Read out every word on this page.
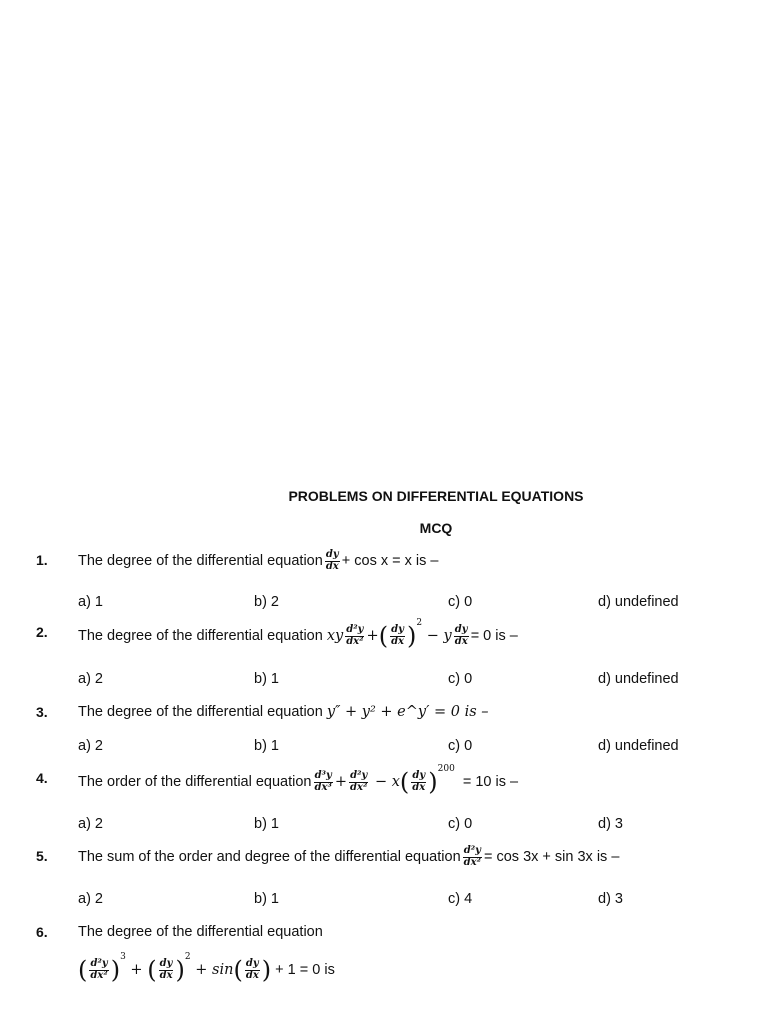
PROBLEMS ON DIFFERENTIAL EQUATIONS
MCQ
1. The degree of the differential equation $\frac{dy}{dx} + \cos x = x$ is –
a) 1	b) 2	c) 0	d) undefined
2. The degree of the differential equation xy $\frac{\text{d²y}}{\text{dx²}}$ + ( $\frac{dy}{dx}$ ) 2
− y $\frac{dy}{dx} = 0$ is –
a) 2	b) 1	c) 0	d) undefined
3. The degree of the differential equation y″ + y² + e^y′ = 0 is –
a) 2	b) 1	c) 0	d) undefined
4. The order of the differential equation $\frac{\text{d³y}}{\text{dx³}} + \frac{\text{d²y}}{\text{dx²}} - x$ ( $\frac{dy}{dx}$ ) 200
= 10 is –
a) 2	b) 1	c) 0	d) 3
5. The sum of the order and degree of the differential equation $\frac{\text{d²y}}{\text{dx²}} = \cos 3x + \sin 3x$ is –
a) 2	b) 1	c) 4	d) 3
6. The degree of the differential equation
( $\frac{\text{d²y}}{\text{dx²}}$ ) 3
+ ( $\frac{dy}{dx}$ ) 2
+ sin ( $\frac{dy}{dx}$ ) + 1 = 0 is
